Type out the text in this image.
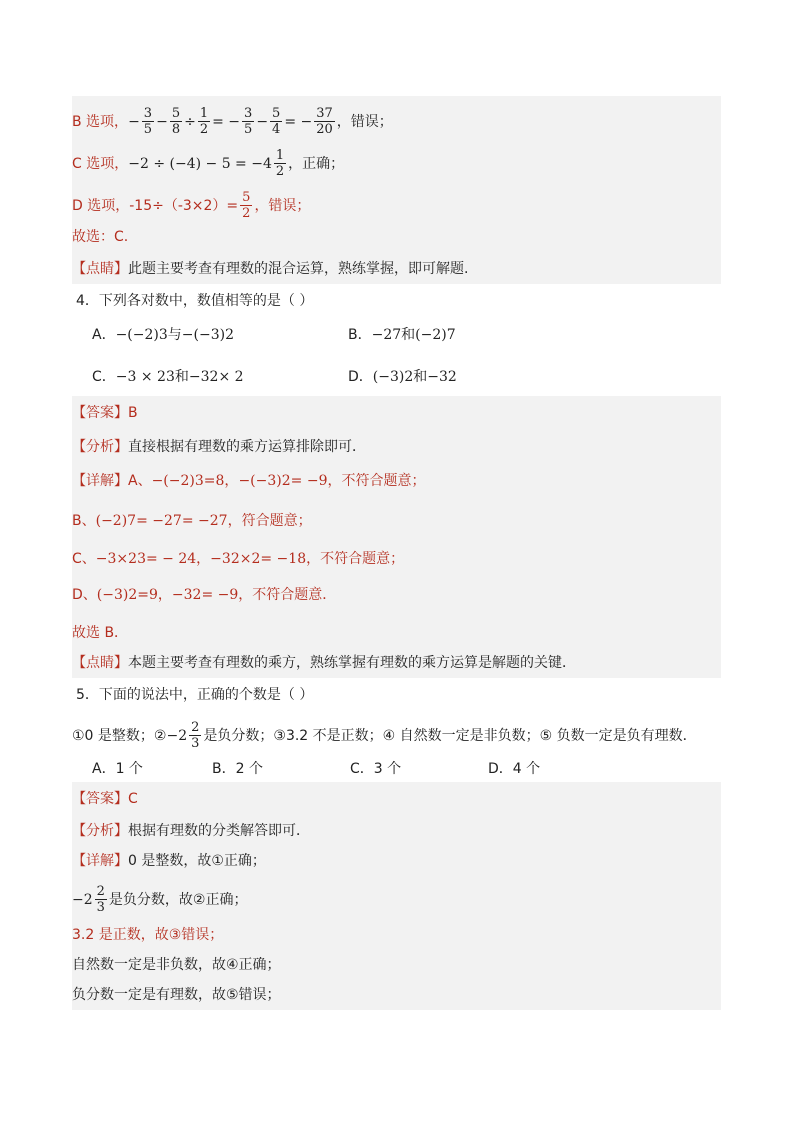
B 选项， − $\frac{3}{5} - \frac{5}{8} \div \frac{1}{2}$ = − $\frac{3}{5} - \frac{5}{4}$ = − $\frac{37}{20}$ ，错误；
C 选项， $-2 \div (-4) - 5 = -4 \frac{1}{2}$ ，正确；
D 选项，$-15\div(-3\times 2)= \frac{5}{2}$ ，错误；
故选：C.
【点睛】 此题主要考查有理数的混合运算，熟练掌握，即可解题.
4．下列各对数中，数值相等的是（ ）
A． −(−2) 3 与 −(−3) 2	B． −2 7 和 (−2) 7
C． −3 × 2 3 和 −3 2 × 2	D． (−3) 2 和 −3 2
【答案】 B
【分析】 直接根据有理数的乘方运算排除即可．
【详解】 A、 −(−2) 3 =8， −(−3) 2 = −9，不符合题意；
B、 (−2) 7 = −2 7 = −2 7 ，符合题意；
C、 −3×2 3 = − 24， −3 2 ×2= −18，不符合题意；
D、 (−3) 2 =9， −3 2 = −9，不符合题意．
故选 B．
【点睛】 本题主要考查有理数的乘方，熟练掌握有理数的乘方运算是解题的关键．
5．下面的说法中，正确的个数是（ ）
①0 是整数；② $-2 \frac{2}{3}$ 是负分数；③3.2 不是正数；④ 自然数一定是非负数；⑤ 负数一定是负有理数．
A．1 个	B．2 个	C．3 个	D．4 个
【答案】 C
【分析】 根据有理数的分类解答即可．
【详解】 0 是整数，故①正确；
$-2 \frac{2}{3}$ 是负分数，故②正确；
3.2 是正数，故③错误；
自然数一定是非负数，故④正确；
负分数一定是有理数，故⑤错误；
